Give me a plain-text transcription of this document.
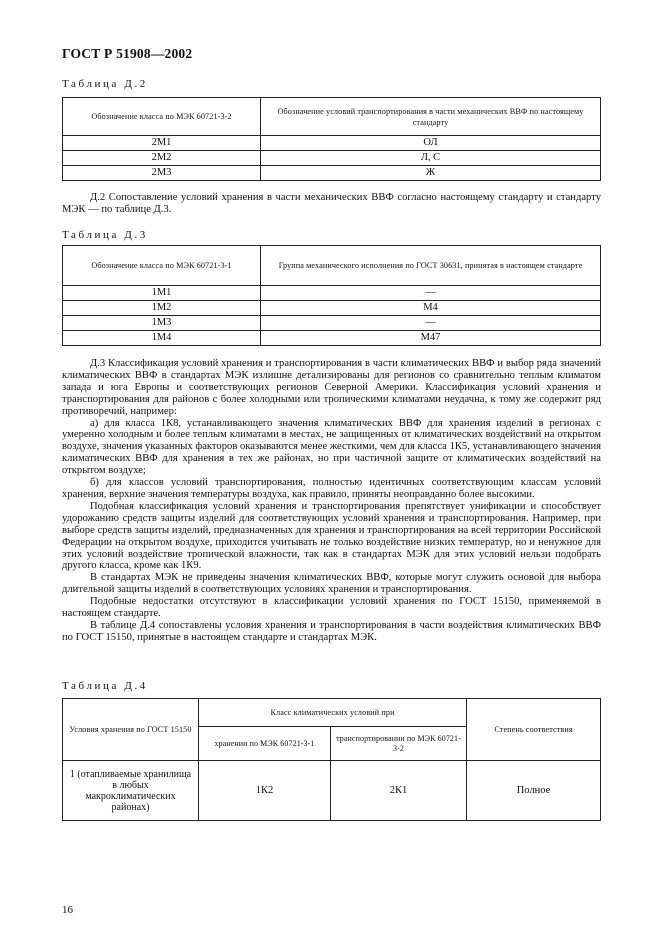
ГОСТ Р 51908—2002
Таблица Д.2
Обозначение класса по МЭК 60721-3-2	Обозначение условий транспортирования в части механических ВВФ по настоящему стандарту
2М1	ОЛ
2М2	Л, С
2М3	Ж

Д.2 Сопоставление условий хранения в части механических ВВФ согласно настоящему стандарту и стандарту МЭК — по таблице Д.3.

Таблица Д.3
Обозначение класса по МЭК 60721-3-1	Группа механического исполнения по ГОСТ 30631, принятая в настоящем стандарте
1М1	—
1М2	М4
1М3	—
1М4	М47

Д.3 Классификация условий хранения и транспортирования в части климатических ВВФ и выбор ряда значений климатических ВВФ в стандартах МЭК излишне детализированы для регионов со сравнительно теплым климатом запада и юга Европы и соответствующих регионов Северной Америки. Классификация условий хранения и транспортирования для районов с более холодными или тропическими климатами неудачна, к тому же содержит ряд противоречий, например:

а) для класса 1К8, устанавливающего значения климатических ВВФ для хранения изделий в регионах с умеренно холодным и более теплым климатами в местах, не защищенных от климатических воздействий на открытом воздухе, значения указанных факторов оказываются менее жесткими, чем для класса 1К5, устанавливающего значения климатических ВВФ для хранения в тех же районах, но при частичной защите от климатических воздействий на открытом воздухе;

б) для классов условий транспортирования, полностью идентичных соответствующим классам условий хранения, верхние значения температуры воздуха, как правило, приняты неоправданно более высокими.

Подобная классификация условий хранения и транспортирования препятствует унификации и способствует удорожанию средств защиты изделий для соответствующих условий хранения и транспортирования. Например, при выборе средств защиты изделий, предназначенных для хранения и транспортирования на всей территории Российской Федерации на открытом воздухе, приходится учитывать не только воздействие низких температур, но и ненужное для этих условий воздействие тропической влажности, так как в стандартах МЭК для этих условий нельзи подобрать другого класса, кроме как 1К9.

В стандартах МЭК не приведены значения климатических ВВФ, которые могут служить основой для выбора длительной защиты изделий в соответствующих условиях хранения и транспортирования.

Подобные недостатки отсутствуют в классификации условий хранения по ГОСТ 15150, применяемой в настоящем стандарте.

В таблице Д.4 сопоставлены условия хранения и транспортирования в части воздействия климатических ВВФ по ГОСТ 15150, принятые в настоящем стандарте и стандартах МЭК.

Таблица Д.4
Условия хранения по ГОСТ 15150	Класс климатических условий при		Степень соответствия
	хранении по МЭК 60721-3-1	транспортировании по МЭК 60721-3-2	
1 (отапливаемые хранилища в любых макроклиматических районах)	1К2	2К1	Полное
16
